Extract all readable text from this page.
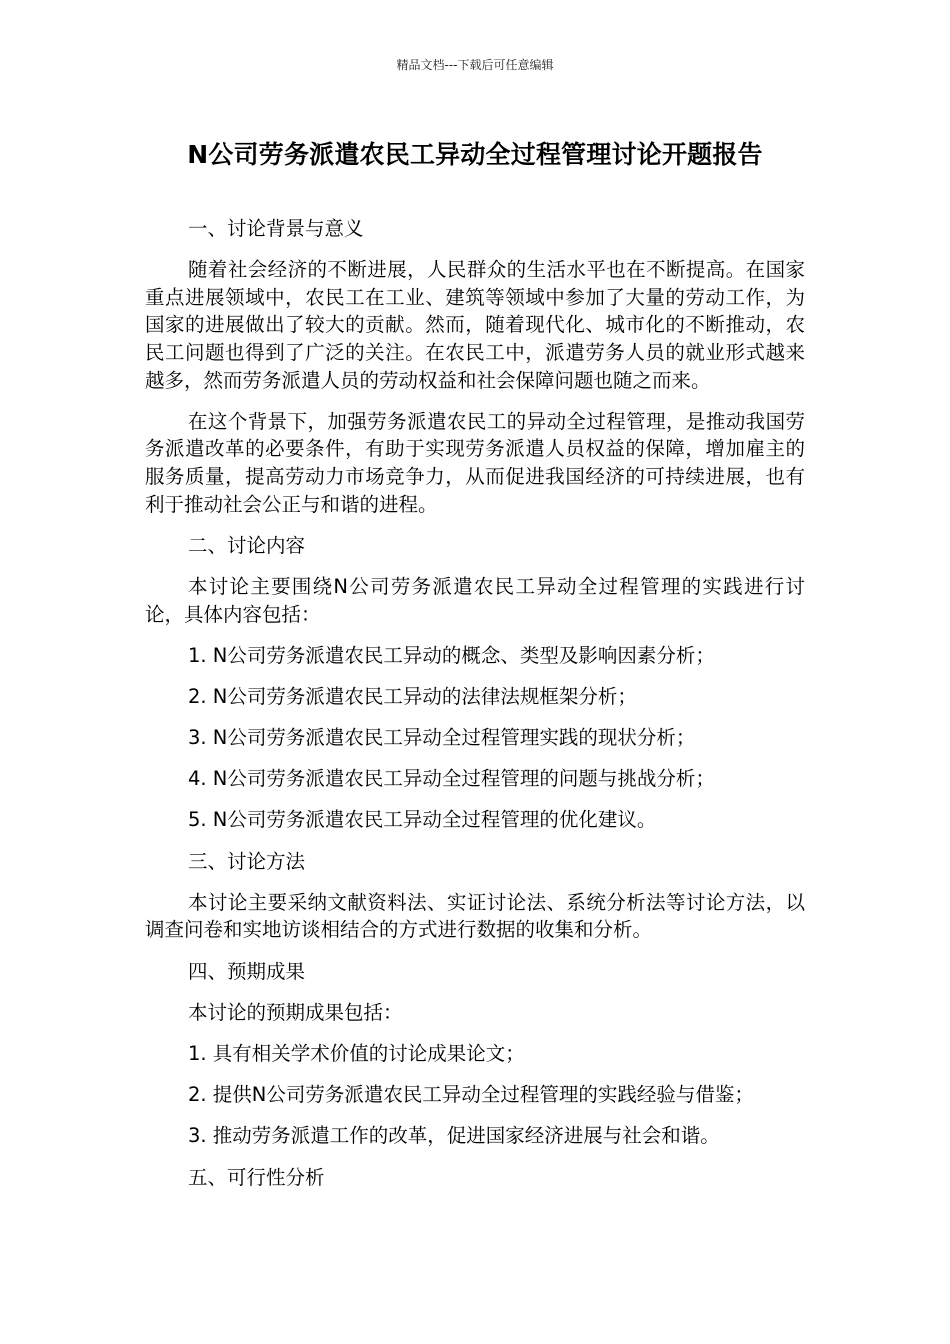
精品文档---下载后可任意编辑
N公司劳务派遣农民工异动全过程管理讨论开题报告

一、讨论背景与意义

随着社会经济的不断进展，人民群众的生活水平也在不断提高。在国家重点进展领域中，农民工在工业、建筑等领域中参加了大量的劳动工作，为国家的进展做出了较大的贡献。然而，随着现代化、城市化的不断推动，农民工问题也得到了广泛的关注。在农民工中，派遣劳务人员的就业形式越来越多，然而劳务派遣人员的劳动权益和社会保障问题也随之而来。

在这个背景下，加强劳务派遣农民工的异动全过程管理，是推动我国劳务派遣改革的必要条件，有助于实现劳务派遣人员权益的保障，增加雇主的服务质量，提高劳动力市场竞争力，从而促进我国经济的可持续进展，也有利于推动社会公正与和谐的进程。

二、讨论内容

本讨论主要围绕N公司劳务派遣农民工异动全过程管理的实践进行讨论，具体内容包括：

1. N公司劳务派遣农民工异动的概念、类型及影响因素分析；

2. N公司劳务派遣农民工异动的法律法规框架分析；

3. N公司劳务派遣农民工异动全过程管理实践的现状分析；

4. N公司劳务派遣农民工异动全过程管理的问题与挑战分析；

5. N公司劳务派遣农民工异动全过程管理的优化建议。

三、讨论方法

本讨论主要采纳文献资料法、实证讨论法、系统分析法等讨论方法，以调查问卷和实地访谈相结合的方式进行数据的收集和分析。

四、预期成果

本讨论的预期成果包括：

1. 具有相关学术价值的讨论成果论文；

2. 提供N公司劳务派遣农民工异动全过程管理的实践经验与借鉴；

3. 推动劳务派遣工作的改革，促进国家经济进展与社会和谐。

五、可行性分析
